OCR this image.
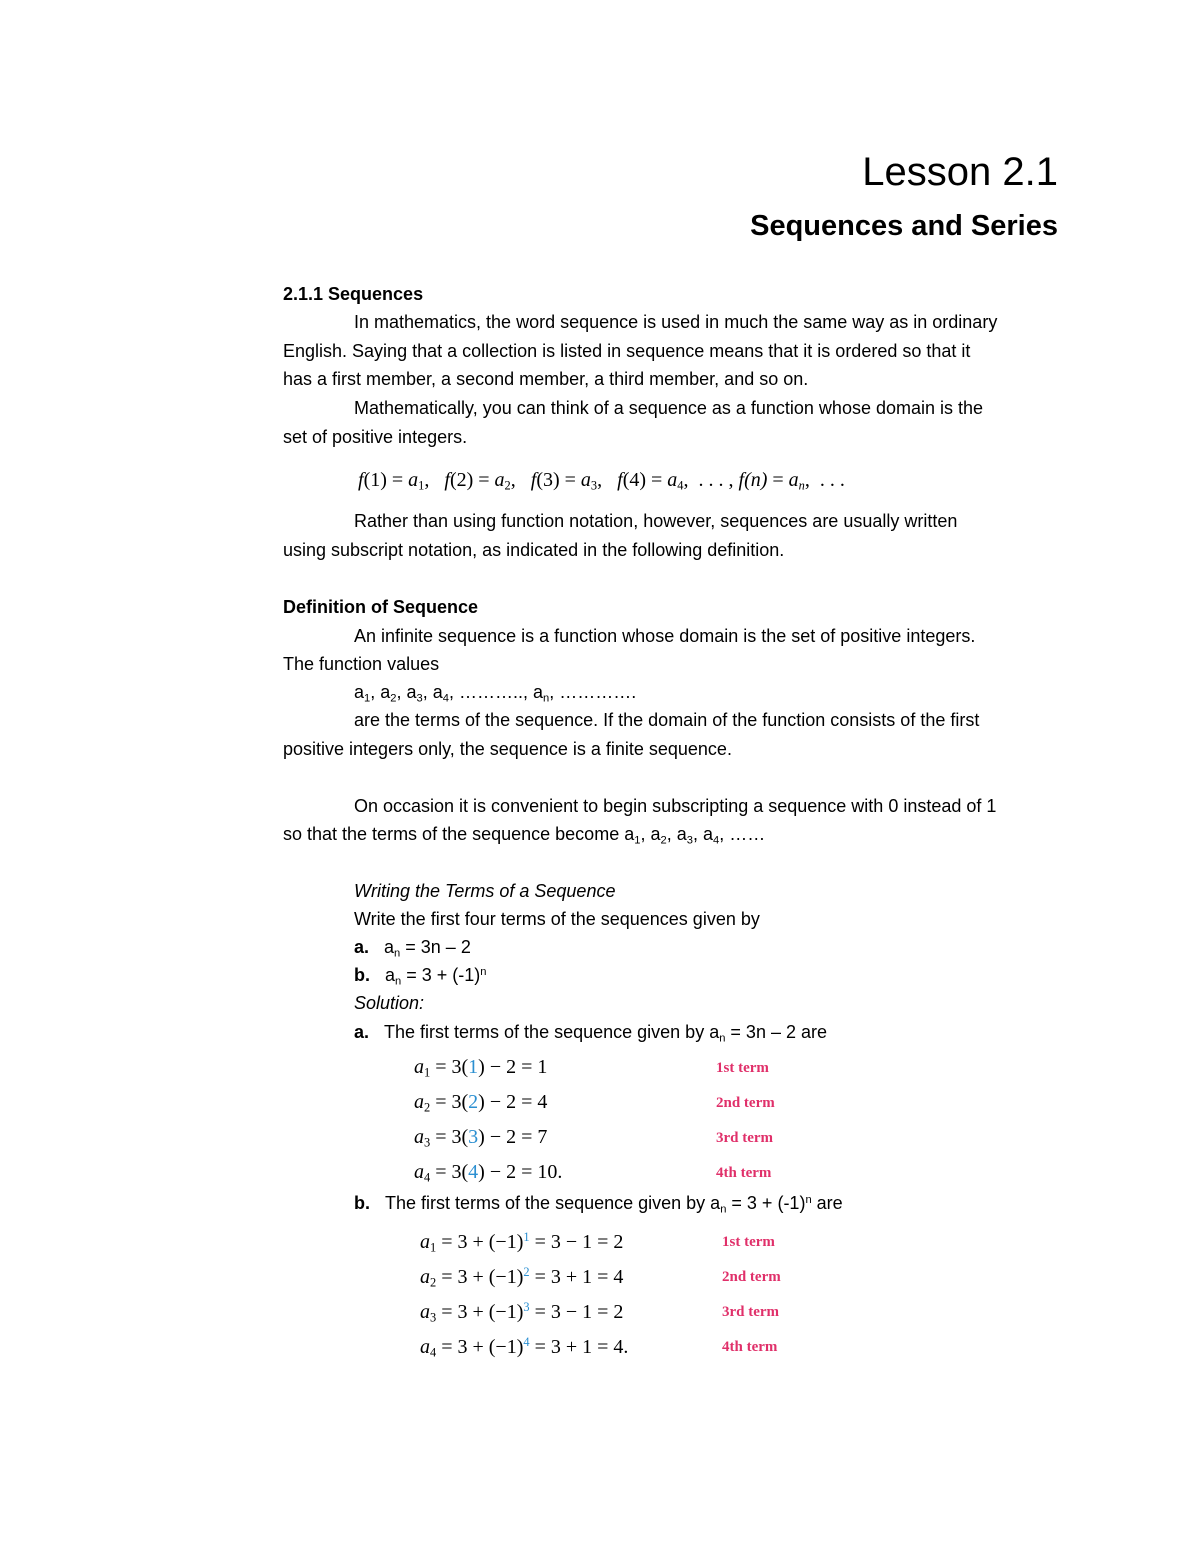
Lesson 2.1
Sequences and Series
2.1.1 Sequences
In mathematics, the word sequence is used in much the same way as in ordinary
English. Saying that a collection is listed in sequence means that it is ordered so that it
has a first member, a second member, a third member, and so on.
Mathematically, you can think of a sequence as a function whose domain is the
set of positive integers.
$f(1) = a_1$,   $f(2) = a_2$,   $f(3) = a_3$,   $f(4) = a_4$,  . . . , $f(n) = a_n$,  . . .
Rather than using function notation, however, sequences are usually written
using subscript notation, as indicated in the following definition.
Definition of Sequence
An infinite sequence is a function whose domain is the set of positive integers.
The function values
$a_1$, $a_2$, $a_3$, $a_4$, ……….., $a_n$, ………….
are the terms of the sequence. If the domain of the function consists of the first
positive integers only, the sequence is a finite sequence.
On occasion it is convenient to begin subscripting a sequence with 0 instead of 1
so that the terms of the sequence become $a_1$, $a_2$, $a_3$, $a_4$, ……
Writing the Terms of a Sequence
Write the first four terms of the sequences given by
a. $a_n = 3n - 2$
b. $a_n = 3 + (-1)^n$
Solution:
a. The first terms of the sequence given by $a_n = 3n - 2$ are
$a_1 = 3(1) - 2 = 1$	1st term
$a_2 = 3(2) - 2 = 4$	2nd term
$a_3 = 3(3) - 2 = 7$	3rd term
$a_4 = 3(4) - 2 = 10$.	4th term
b. The first terms of the sequence given by $a_n = 3 + (-1)^n$ are
$a_1 = 3 + (-1)^1 = 3 - 1 = 2$	1st term
$a_2 = 3 + (-1)^2 = 3 + 1 = 4$	2nd term
$a_3 = 3 + (-1)^3 = 3 - 1 = 2$	3rd term
$a_4 = 3 + (-1)^4 = 3 + 1 = 4$.	4th term
